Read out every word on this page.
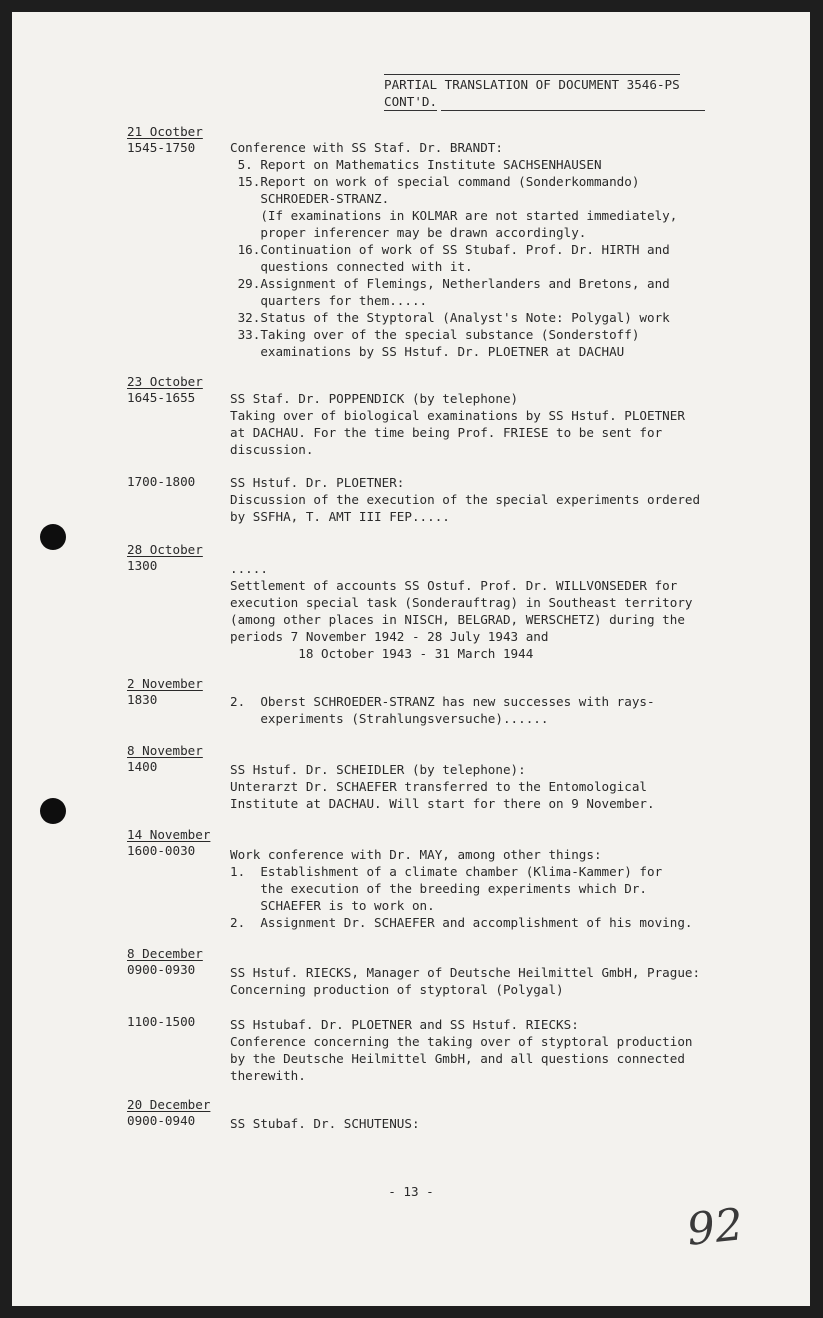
PARTIAL TRANSLATION OF DOCUMENT 3546-PS
CONT'D.
21 Ocotber
1545-1750	Conference with SS Staf. Dr. BRANDT:
5. Report on Mathematics Institute SACHSENHAUSEN
15.Report on work of special command (Sonderkommando)
SCHROEDER-STRANZ.
(If examinations in KOLMAR are not started immediately,
proper inferencer may be drawn accordingly.
16.Continuation of work of SS Stubaf. Prof. Dr. HIRTH and
questions connected with it.
29.Assignment of Flemings, Netherlanders and Bretons, and
quarters for them.....
32.Status of the Styptoral (Analyst's Note: Polygal) work
33.Taking over of the special substance (Sonderstoff)
examinations by SS Hstuf. Dr. PLOETNER at DACHAU
23 October
1645-1655	SS Staf. Dr. POPPENDICK (by telephone)
Taking over of biological examinations by SS Hstuf. PLOETNER
at DACHAU. For the time being Prof. FRIESE to be sent for
discussion.
1700-1800	SS Hstuf. Dr. PLOETNER:
Discussion of the execution of the special experiments ordered
by SSFHA, T. AMT III FEP.....
28 October
1300	.....
Settlement of accounts SS Ostuf. Prof. Dr. WILLVONSEDER for
execution special task (Sonderauftrag) in Southeast territory
(among other places in NISCH, BELGRAD, WERSCHETZ) during the
periods 7 November 1942 - 28 July 1943 and
18 October 1943 - 31 March 1944
2 November
1830	2.  Oberst SCHROEDER-STRANZ has new successes with rays-
experiments (Strahlungsversuche)......
8 November
1400	SS Hstuf. Dr. SCHEIDLER (by telephone):
Unterarzt Dr. SCHAEFER transferred to the Entomological
Institute at DACHAU. Will start for there on 9 November.
14 November
1600-0030	Work conference with Dr. MAY, among other things:
1.  Establishment of a climate chamber (Klima-Kammer) for
the execution of the breeding experiments which Dr.
SCHAEFER is to work on.
2.  Assignment Dr. SCHAEFER and accomplishment of his moving.
8 December
0900-0930	SS Hstuf. RIECKS, Manager of Deutsche Heilmittel GmbH, Prague:
Concerning production of styptoral (Polygal)
1100-1500	SS Hstubaf. Dr. PLOETNER and SS Hstuf. RIECKS:
Conference concerning the taking over of styptoral production
by the Deutsche Heilmittel GmbH, and all questions connected
therewith.
20 December
0900-0940	SS Stubaf. Dr. SCHUTENUS:
- 13 -
92
